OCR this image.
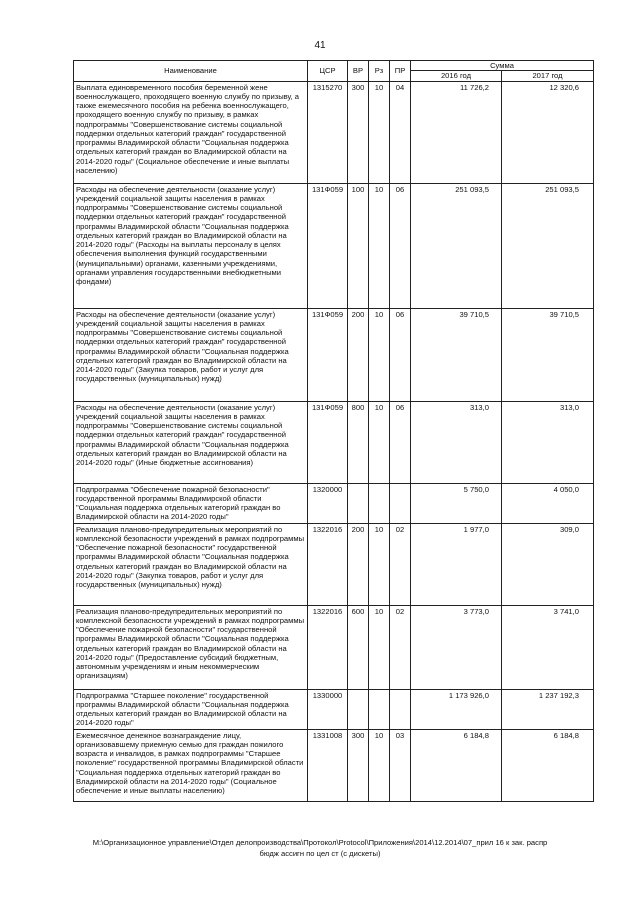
41
Наименование	ЦСР	ВР	Рз	ПР	Сумма	
					2016 год	2017 год
Выплата единовременного пособия беременной жене военнослужащего, проходящего военную службу по призыву, а также ежемесячного пособия на ребенка военнослужащего, проходящего военную службу по призыву, в рамках подпрограммы "Совершенствование системы социальной поддержки отдельных категорий граждан" государственной программы Владимирской области "Социальная поддержка отдельных категорий граждан во Владимирской области на 2014-2020 годы" (Социальное обеспечение и иные выплаты населению)	1315270	300	10	04	11 726,2	12 320,6
Расходы на обеспечение деятельности (оказание услуг) учреждений социальной защиты населения в рамках подпрограммы "Совершенствование системы социальной поддержки отдельных категорий граждан" государственной программы Владимирской области "Социальная поддержка отдельных категорий граждан во Владимирской области на 2014-2020 годы" (Расходы на выплаты персоналу в целях обеспечения выполнения функций государственными (муниципальными) органами, казенными учреждениями, органами управления государственными внебюджетными фондами)	131Ф059	100	10	06	251 093,5	251 093,5
Расходы на обеспечение деятельности (оказание услуг) учреждений социальной защиты населения в рамках подпрограммы "Совершенствование системы социальной поддержки отдельных категорий граждан" государственной программы Владимирской области "Социальная поддержка отдельных категорий граждан во Владимирской области на 2014-2020 годы" (Закупка товаров, работ и услуг для государственных (муниципальных) нужд)	131Ф059	200	10	06	39 710,5	39 710,5
Расходы на обеспечение деятельности (оказание услуг) учреждений социальной защиты населения в рамках подпрограммы "Совершенствование системы социальной поддержки отдельных категорий граждан" государственной программы Владимирской области "Социальная поддержка отдельных категорий граждан во Владимирской области на 2014-2020 годы" (Иные бюджетные ассигнования)	131Ф059	800	10	06	313,0	313,0
Подпрограмма "Обеспечение пожарной безопасности" государственной программы Владимирской области "Социальная поддержка отдельных категорий граждан во Владимирской области на 2014-2020 годы"	1320000				5 750,0	4 050,0
Реализация планово-предупредительных мероприятий по комплексной безопасности учреждений в рамках подпрограммы "Обеспечение пожарной безопасности" государственной программы Владимирской области "Социальная поддержка отдельных категорий граждан во Владимирской области на 2014-2020 годы" (Закупка товаров, работ и услуг для государственных (муниципальных) нужд)	1322016	200	10	02	1 977,0	309,0
Реализация планово-предупредительных мероприятий по комплексной безопасности учреждений в рамках подпрограммы "Обеспечение пожарной безопасности" государственной программы Владимирской области "Социальная поддержка отдельных категорий граждан во Владимирской области на 2014-2020 годы" (Предоставление субсидий бюджетным, автономным учреждениям и иным некоммерческим организациям)	1322016	600	10	02	3 773,0	3 741,0
Подпрограмма "Старшее поколение" государственной программы Владимирской области "Социальная поддержка отдельных категорий граждан во Владимирской области на 2014-2020 годы"	1330000				1 173 926,0	1 237 192,3
Ежемесячное денежное вознаграждение лицу, организовавшему приемную семью для граждан пожилого возраста и инвалидов, в рамках подпрограммы "Старшее поколение" государственной программы Владимирской области "Социальная поддержка отдельных категорий граждан во Владимирской области на 2014-2020 годы" (Социальное обеспечение и иные выплаты населению)	1331008	300	10	03	6 184,8	6 184,8
M:\Организационное управление\Отдел делопроизводства\Протокол\Protocol\Приложения\2014\12.2014\07_прил 16 к зак. распр
бюдж ассигн по цел ст (с дискеты)
